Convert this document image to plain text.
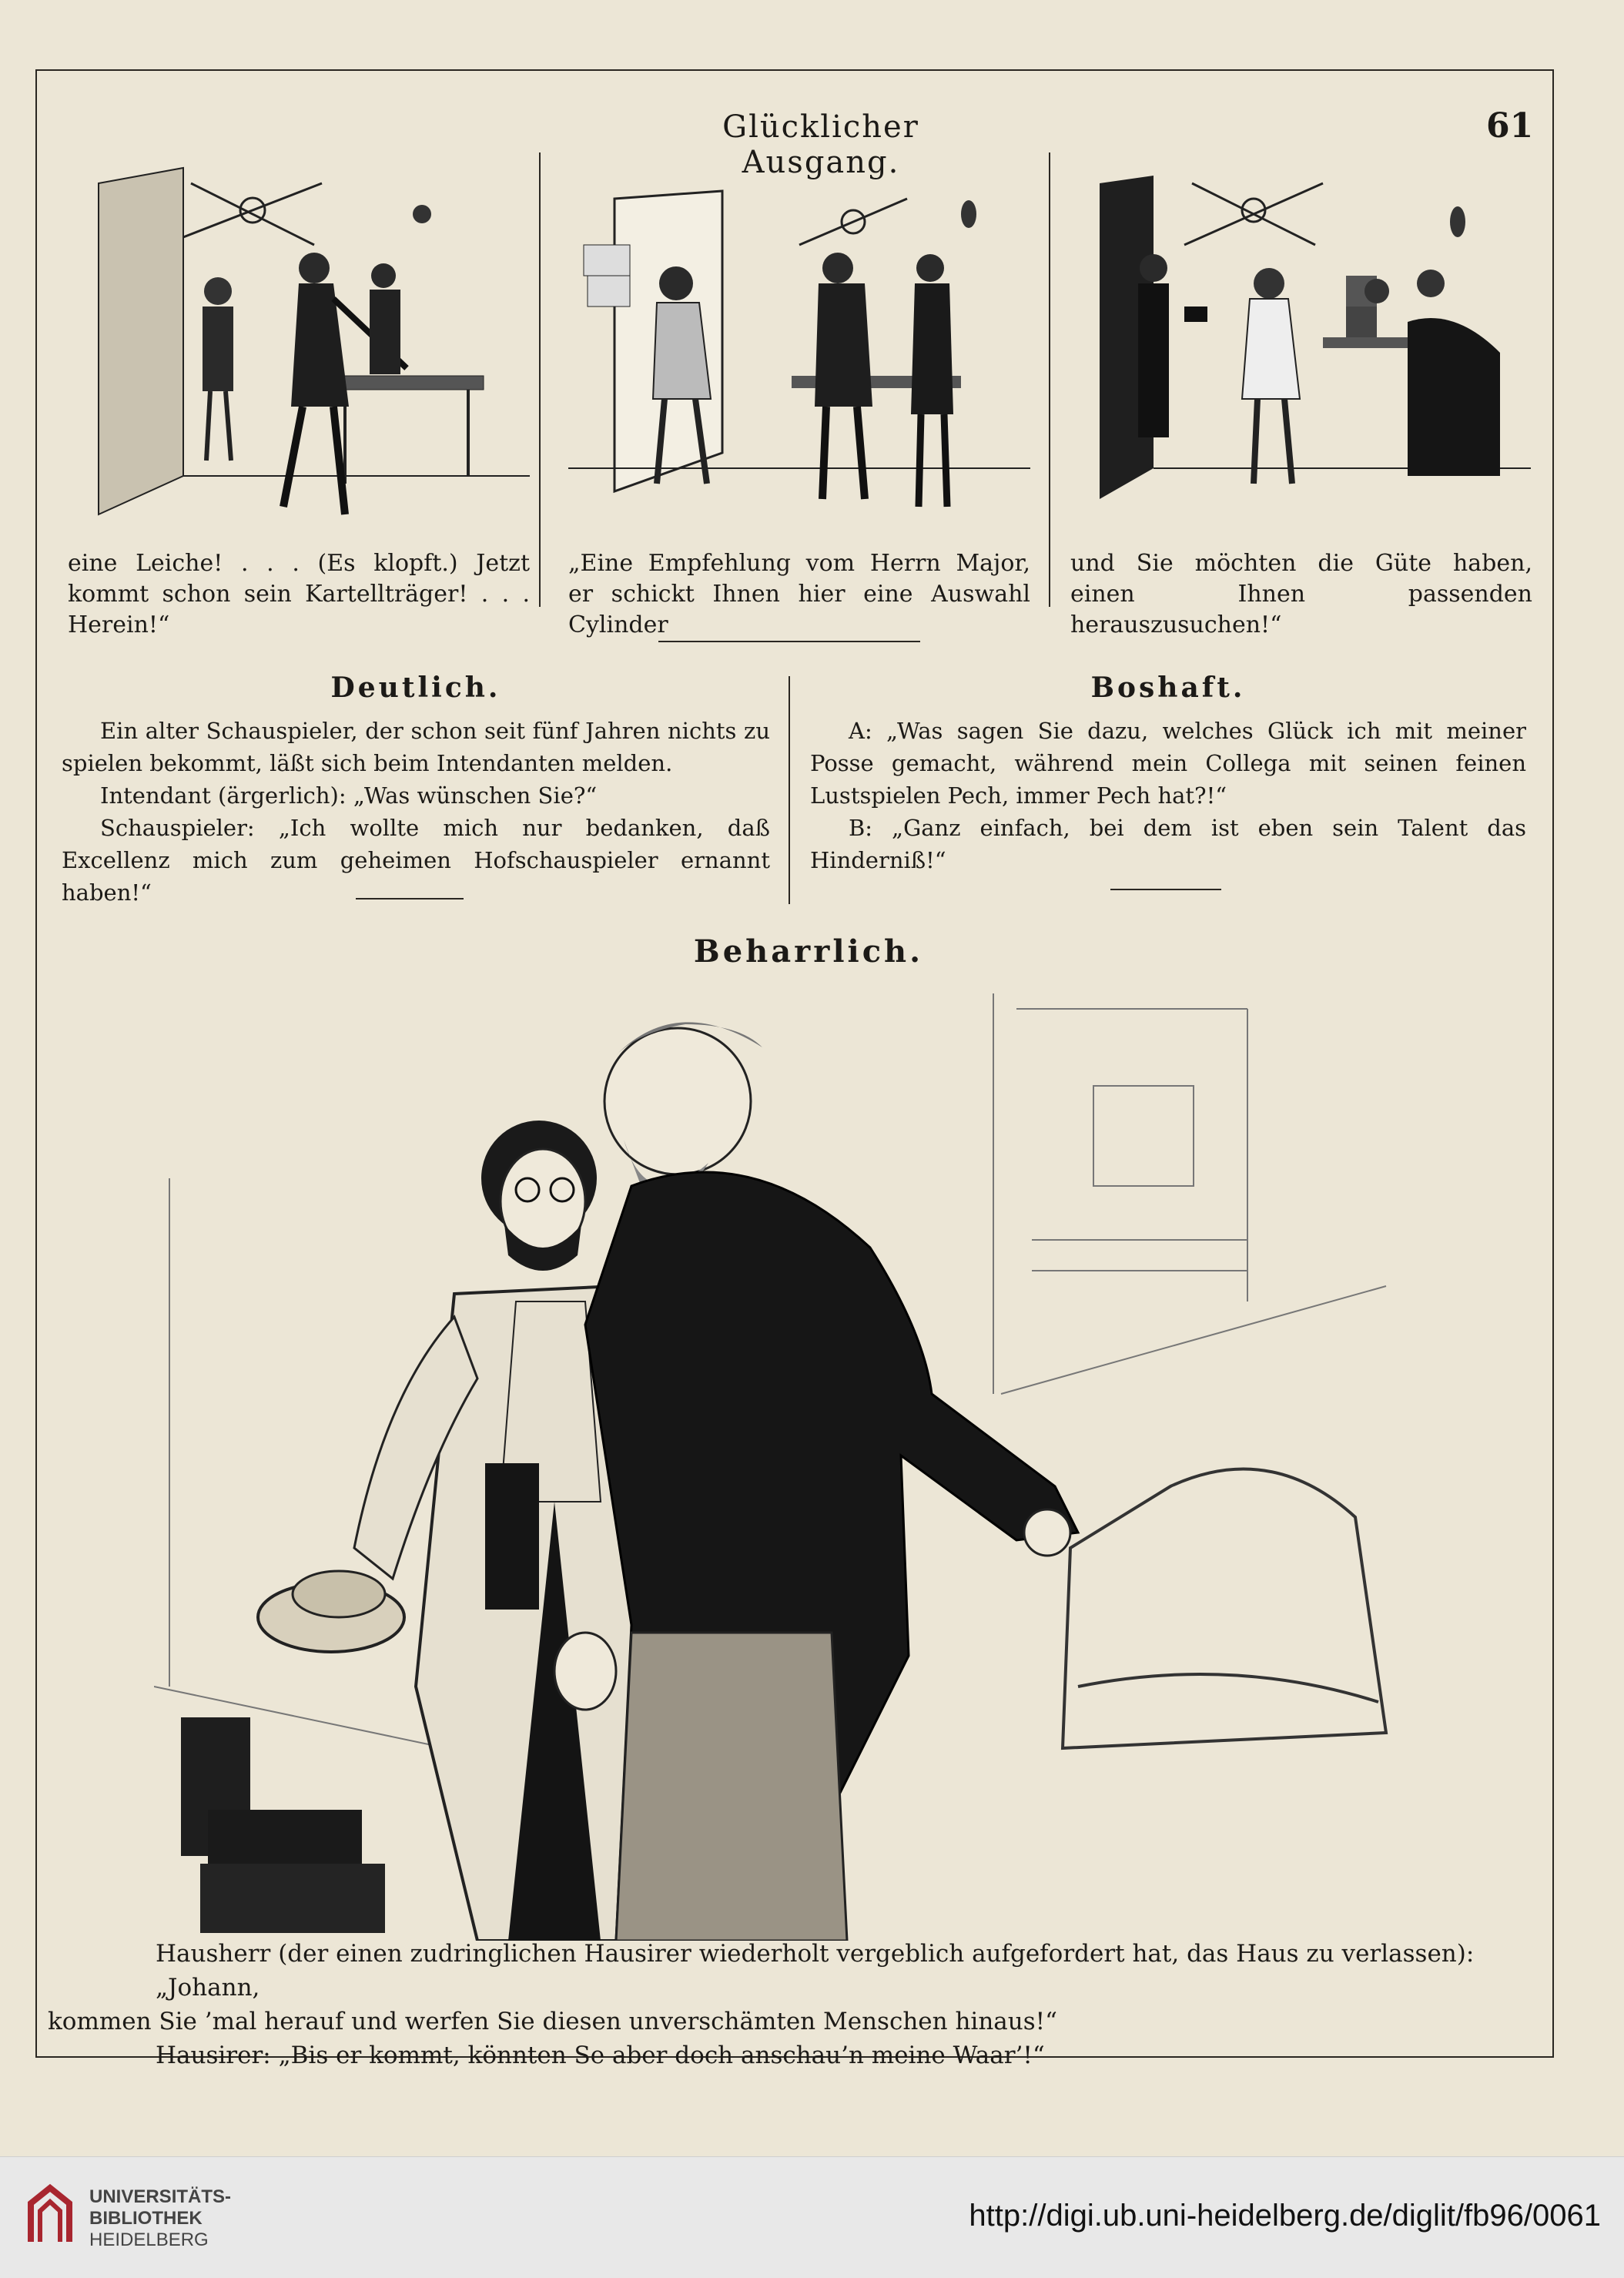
Glücklicher Ausgang.
61
eine Leiche! . . . (Es klopft.) Jetzt kommt schon sein Kartellträger! . . . Herein!“
„Eine Empfehlung vom Herrn Major, er schickt Ihnen hier eine Auswahl Cylinder
und Sie möchten die Güte haben, einen Ihnen passenden herauszusuchen!“
Deutlich.

Ein alter Schauspieler, der schon seit fünf Jahren nichts zu spielen bekommt, läßt sich beim Intendanten melden.

Intendant (ärgerlich): „Was wünschen Sie?“

Schauspieler: „Ich wollte mich nur bedanken, daß Excellenz mich zum geheimen Hofschauspieler ernannt haben!“

Boshaft.

A: „Was sagen Sie dazu, welches Glück ich mit meiner Posse gemacht, während mein Collega mit seinen feinen Lustspielen Pech, immer Pech hat?!“

B: „Ganz einfach, bei dem ist eben sein Talent das Hinderniß!“

Beharrlich.

Hausherr (der einen zudringlichen Hausirer wiederholt vergeblich aufgefordert hat, das Haus zu verlassen): „Johann,

kommen Sie ’mal herauf und werfen Sie diesen unverschämten Menschen hinaus!“

Hausirer: „Bis er kommt, könnten Se aber doch anschau’n meine Waar’!“

UNIVERSITÄTS-
BIBLIOTHEK
HEIDELBERG
http://digi.ub.uni-heidelberg.de/diglit/fb96/0061
